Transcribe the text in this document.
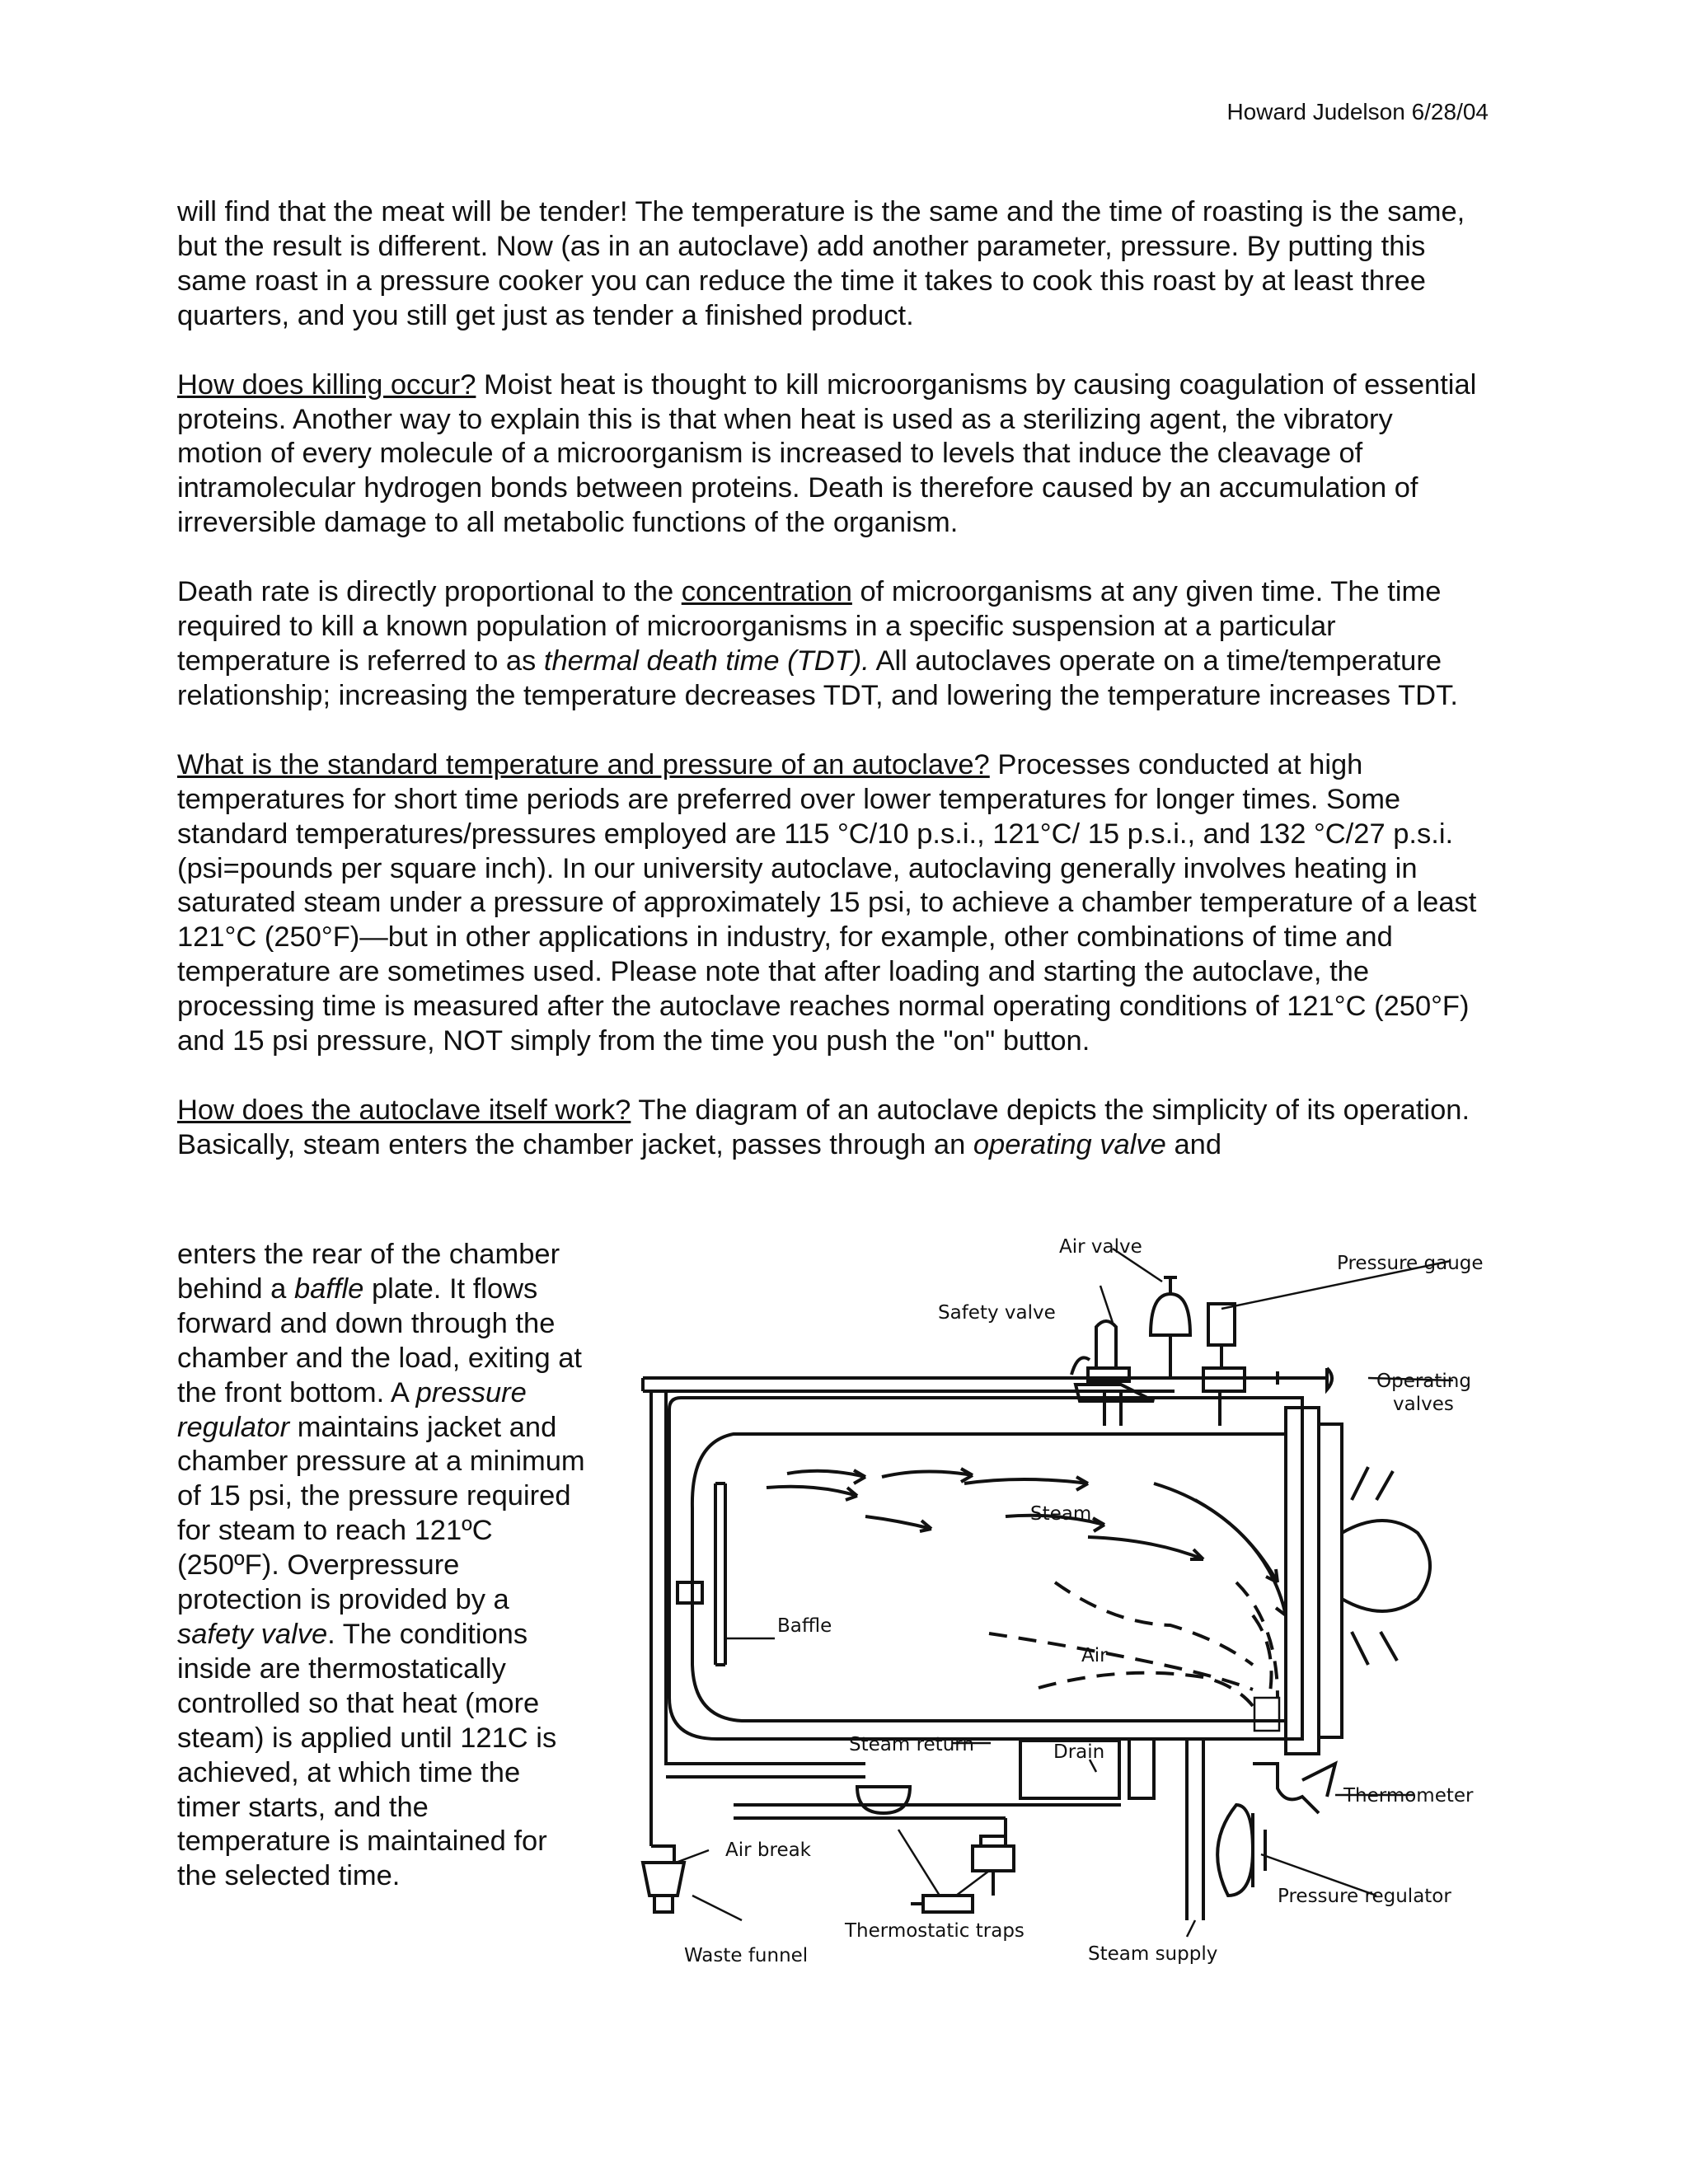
Howard Judelson 6/28/04

will find that the meat will be tender! The temperature is the same and the time of roasting is the same, but the result is different. Now (as in an autoclave) add another parameter, pressure. By putting this same roast in a pressure cooker you can reduce the time it takes to cook this roast by at least three quarters, and you still get just as tender a finished product.

How does killing occur? Moist heat is thought to kill microorganisms by causing coagulation of essential proteins. Another way to explain this is that when heat is used as a sterilizing agent, the vibratory motion of every molecule of a microorganism is increased to levels that induce the cleavage of intramolecular hydrogen bonds between proteins. Death is therefore caused by an accumulation of irreversible damage to all metabolic functions of the organism.

Death rate is directly proportional to the concentration of microorganisms at any given time. The time required to kill a known population of microorganisms in a specific suspension at a particular temperature is referred to as thermal death time (TDT). All autoclaves operate on a time/temperature relationship; increasing the temperature decreases TDT, and lowering the temperature increases TDT.

What is the standard temperature and pressure of an autoclave? Processes conducted at high temperatures for short time periods are preferred over lower temperatures for longer times. Some standard temperatures/pressures employed are 115 °C/10 p.s.i., 121°C/ 15 p.s.i., and 132 °C/27 p.s.i. (psi=pounds per square inch). In our university autoclave, autoclaving generally involves heating in saturated steam under a pressure of approximately 15 psi, to achieve a chamber temperature of a least 121°C (250°F)—but in other applications in industry, for example, other combinations of time and temperature are sometimes used. Please note that after loading and starting the autoclave, the processing time is measured after the autoclave reaches normal operating conditions of 121°C (250°F) and 15 psi pressure, NOT simply from the time you push the "on" button.

How does the autoclave itself work? The diagram of an autoclave depicts the simplicity of its operation. Basically, steam enters the chamber jacket, passes through an operating valve and

enters the rear of the chamber behind a baffle plate. It flows forward and down through the chamber and the load, exiting at the front bottom. A pressure regulator maintains jacket and chamber pressure at a minimum of 15 psi, the pressure required for steam to reach 121ºC (250ºF). Overpressure protection is provided by a safety valve. The conditions inside are thermostatically controlled so that heat (more steam) is applied until 121C is achieved, at which time the timer starts, and the temperature is maintained for the selected time.
Air valve
Pressure gauges
Safety valve
Operating
valves
Steam
Baffle
Air
Steam return	Drain
Thermometer
Air break
Pressure regulator
Thermostatic traps
Waste funnel	Steam supply
